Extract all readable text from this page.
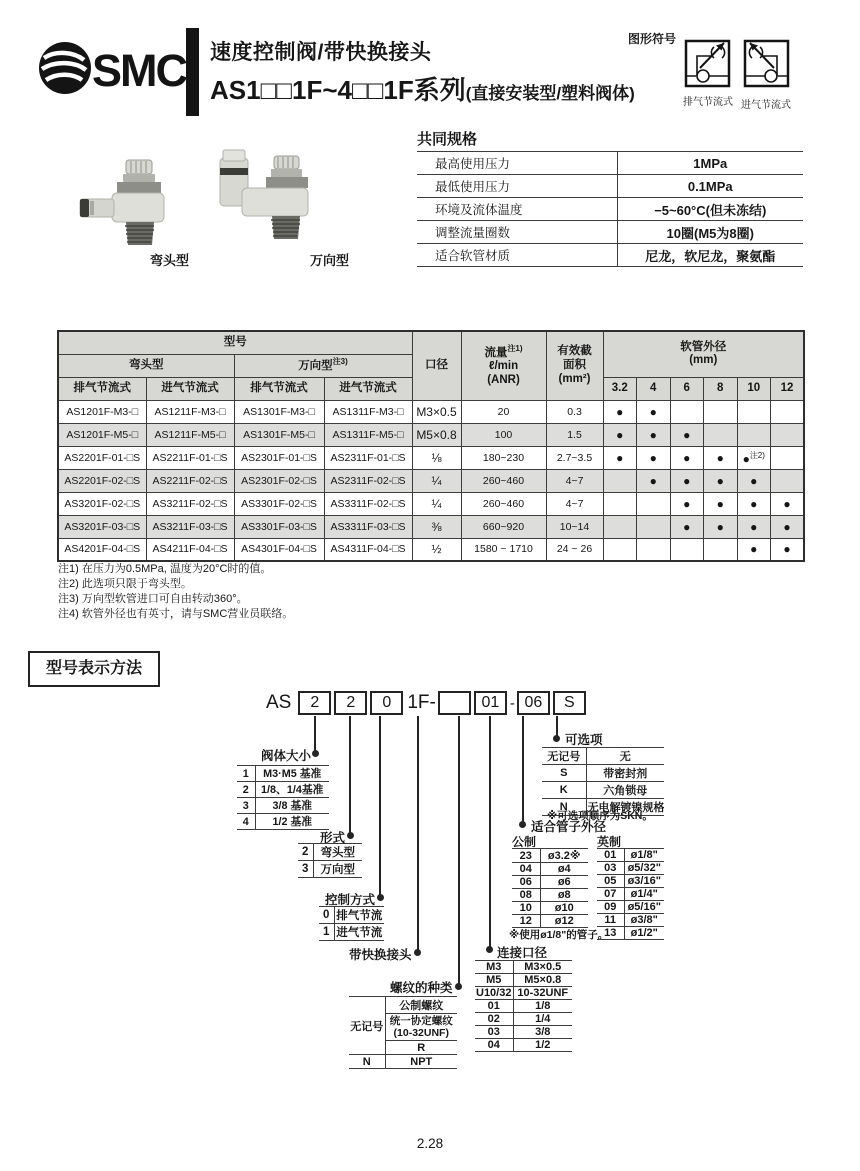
SMC 速度控制阀/带快换接头
AS1□□1F~4□□1F系列(直接安装型/塑料阀体)
图形符号
排气节流式 进气节流式
弯头型	万向型
共同规格
最高使用压力	1MPa
最低使用压力	0.1MPa
环境及流体温度	−5~60°C(但未冻结)
调整流量圈数	10圈(M5为8圈)
适合软管材质	尼龙，软尼龙，聚氨酯
型号				口径	流量$^{注1)}$
ℓ/min
(ANR)	有效截
面积
(mm²)	软管外径
(mm)					
弯头型		万向型$^{注3)}$
排气节流式	进气节流式	排气节流式	进气节流式				3.2	4	6	8	10	12
AS1201F-M3-□	AS1211F-M3-□	AS1301F-M3-□	AS1311F-M3-□	M3×0.5	20	0.3	●	●				
AS1201F-M5-□	AS1211F-M5-□	AS1301F-M5-□	AS1311F-M5-□	M5×0.8	100	1.5	●	●	●			
AS2201F-01-□S	AS2211F-01-□S	AS2301F-01-□S	AS2311F-01-□S	⅛	180~230	2.7~3.5	●	●	●	●	●$^{注2)}$	
AS2201F-02-□S	AS2211F-02-□S	AS2301F-02-□S	AS2311F-02-□S	¼	260~460	4~7		●	●	●	●	
AS3201F-02-□S	AS3211F-02-□S	AS3301F-02-□S	AS3311F-02-□S	¼	260~460	4~7			●	●	●	●
AS3201F-03-□S	AS3211F-03-□S	AS3301F-03-□S	AS3311F-03-□S	⅜	660~920	10~14			●	●	●	●
AS4201F-04-□S	AS4211F-04-□S	AS4301F-04-□S	AS4311F-04-□S	½	1580 ~ 1710	24 ~ 26					●	●
注1) 在压力为0.5MPa, 温度为20°C时的值。
注2) 此选项只限于弯头型。
注3) 万向型软管进口可自由转动360°。
注4) 软管外径也有英寸，请与SMC营业员联络。
型号表示方法
AS	2	2	0 1F-	01 - 06	S
阀体大小
1	M3·M5 基准
2	1/8、1/4基准
3	3/8 基准
4	1/2 基准
形式
2	弯头型
3	万向型
控制方式
0	排气节流
1	进气节流
带快换接头
螺纹的种类
无记号	公制螺纹
	统一协定螺纹(10-32UNF)
	R
N	NPT
连接口径
M3	M3×0.5
M5	M5×0.8
U10/32	10-32UNF
01	1/8
02	1/4
03	3/8
04	1/2
适合管子外径
公制
23	ø3.2※
04	ø4
06	ø6
08	ø8
10	ø10
12	ø12
※使用ø1/8"的管子。
英制
01	ø1/8"
03	ø5/32"
05	ø3/16"
07	ø1/4"
09	ø5/16"
11	ø3/8"
13	ø1/2"
可选项
无记号	无
S	带密封剂
K	六角锁母
N	无电解镀镍规格
※可选项顺序为SKN。
2.28
